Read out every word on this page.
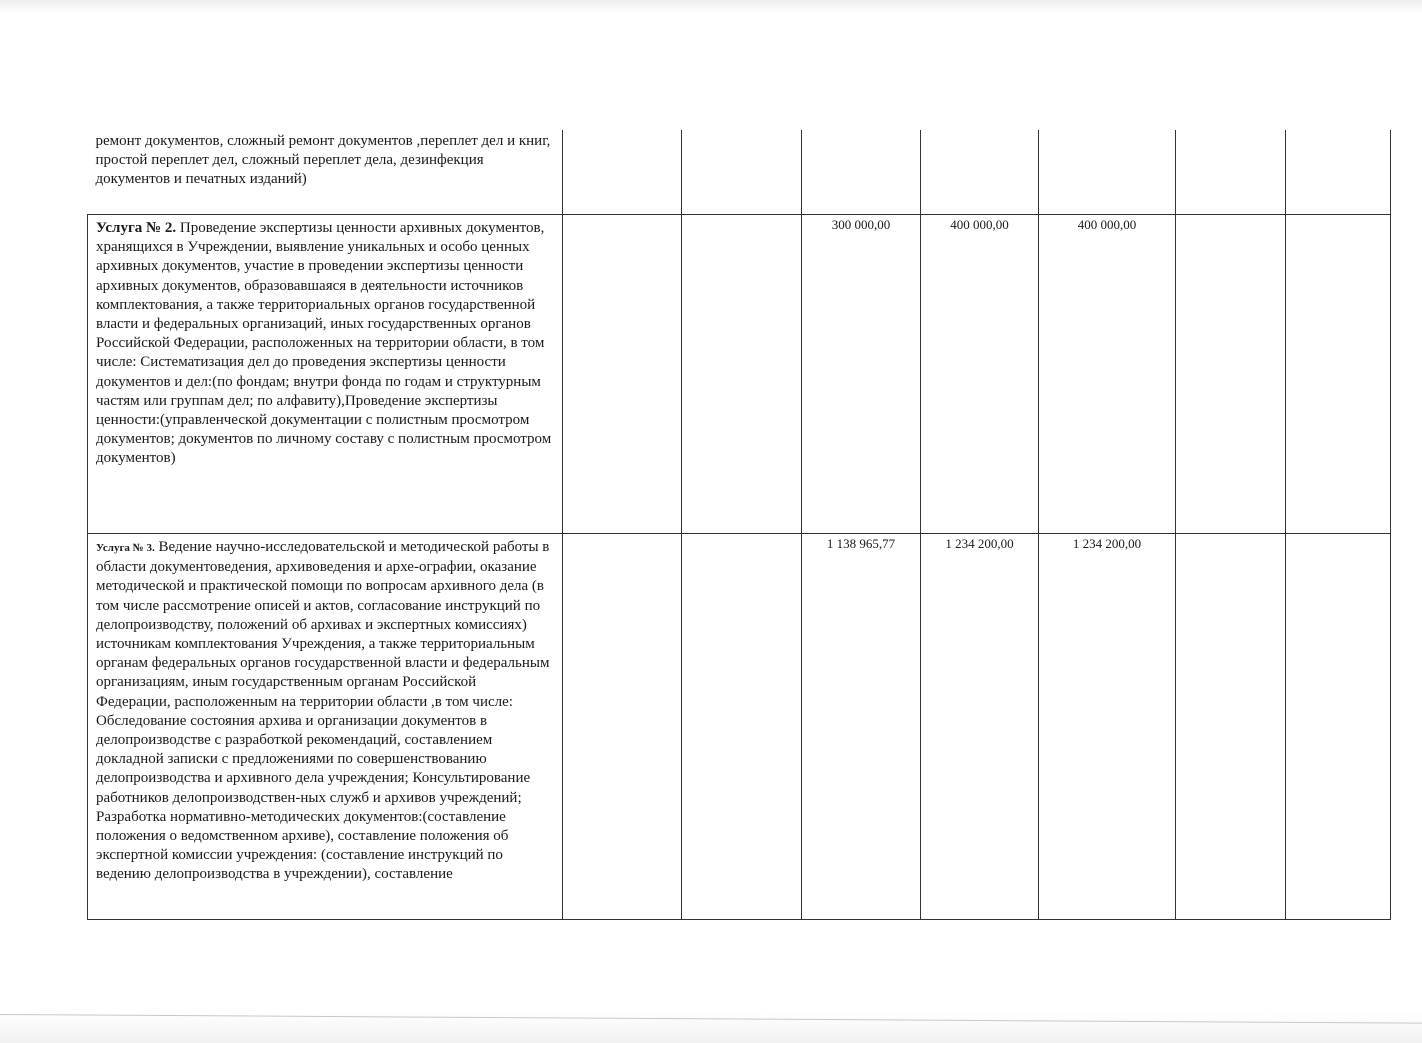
ремонт документов, сложный ремонт документов ,переплет дел и книг, простой переплет дел, сложный переплет дела, дезинфекция документов и печатных изданий)							
Услуга № 2. Проведение экспертизы ценности архивных документов, хранящихся в Учреждении, выявление уникальных и особо ценных архивных документов, участие в проведении экспертизы ценности архивных документов, образовавшаяся в деятельности источников комплектования, а также территориальных органов государственной власти и федеральных организаций, иных государственных органов Российской Федерации, расположенных на территории области, в том числе: Систематизация дел до проведения экспертизы ценности документов и дел:(по фондам; внутри фонда по годам и структурным частям или группам дел; по алфавиту),Проведение экспертизы ценности:(управленческой документации с полистным просмотром документов; документов по личному составу с полистным просмотром документов)			300 000,00	400 000,00	400 000,00		
Услуга № 3. Ведение научно-исследовательской и методической работы в области документоведения, архивоведения и архе-ографии, оказание методической и практической помощи по вопросам архивного дела (в том числе рассмотрение описей и актов, согласование инструкций по делопроизводству, положений об архивах и экспертных комиссиях) источникам комплектования Учреждения, а также территориальным органам федеральных органов государственной власти и федеральным организациям, иным государственным органам Российской Федерации, расположенным на территории области ,в том числе: Обследование состояния архива и организации документов в делопроизводстве с разработкой рекомендаций, составлением докладной записки с предложениями по совершенствованию делопроизводства и архивного дела учреждения; Консультирование работников делопроизводствен-ных служб и архивов учреждений; Разработка нормативно-методических документов:(составление положения о ведомственном архиве), составление положения об экспертной комиссии учреждения: (составление инструкций по ведению делопроизводства в учреждении), составление			1 138 965,77	1 234 200,00	1 234 200,00		
